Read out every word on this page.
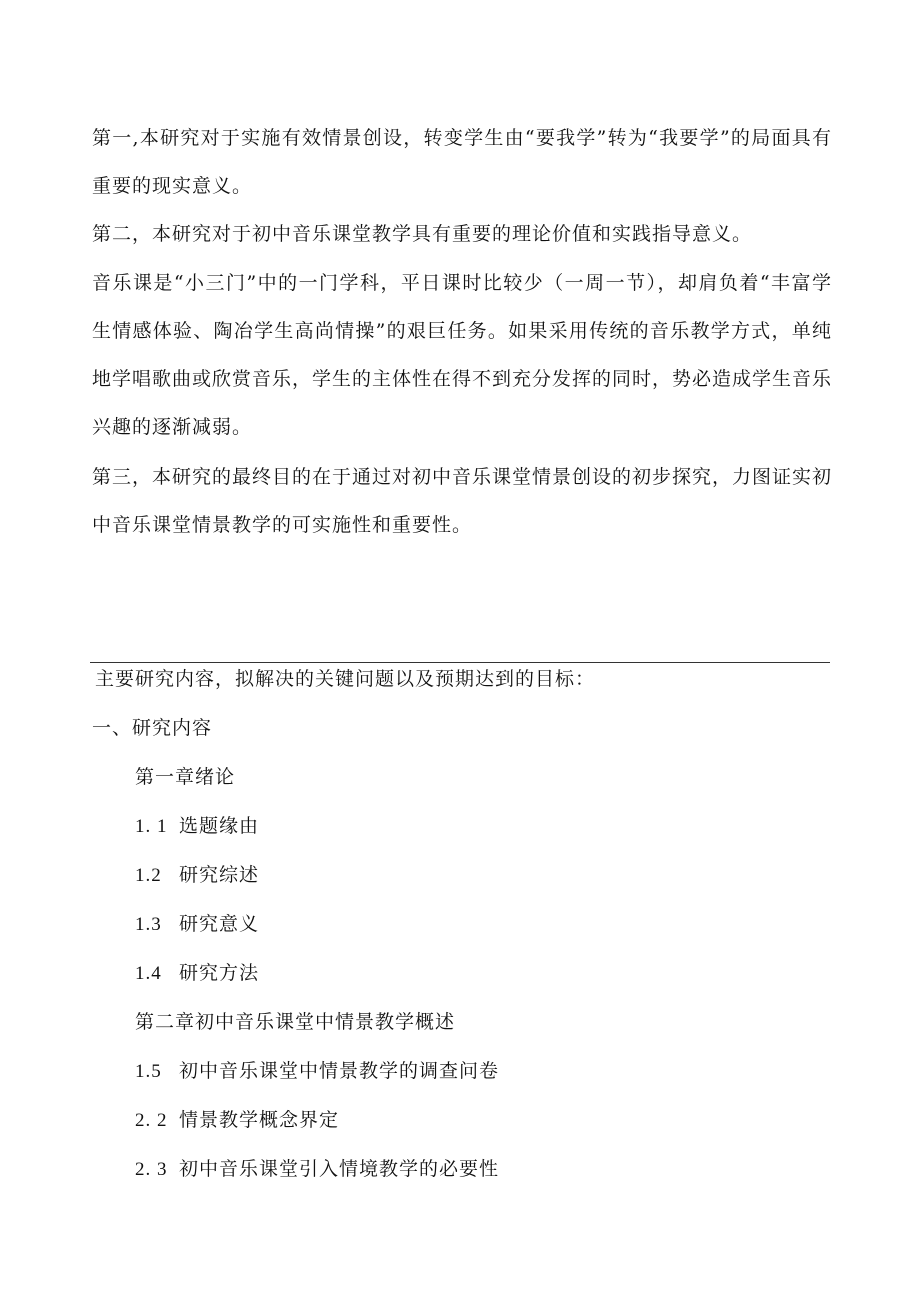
第一,本研究对于实施有效情景创设，转变学生由“要我学”转为“我要学”的局面具有重要的现实意义。

第二，本研究对于初中音乐课堂教学具有重要的理论价值和实践指导意义。

音乐课是“小三门”中的一门学科，平日课时比较少（一周一节），却肩负着“丰富学生情感体验、陶冶学生高尚情操”的艰巨任务。如果采用传统的音乐教学方式，单纯地学唱歌曲或欣赏音乐，学生的主体性在得不到充分发挥的同时，势必造成学生音乐兴趣的逐渐减弱。

第三，本研究的最终目的在于通过对初中音乐课堂情景创设的初步探究，力图证实初中音乐课堂情景教学的可实施性和重要性。

主要研究内容，拟解决的关键问题以及预期达到的目标：

一、研究内容

第一章绪论

1. 1 选题缘由

1.2 研究综述

1.3 研究意义

1.4 研究方法

第二章初中音乐课堂中情景教学概述

1.5 初中音乐课堂中情景教学的调查问卷

2. 2 情景教学概念界定

2. 3 初中音乐课堂引入情境教学的必要性
